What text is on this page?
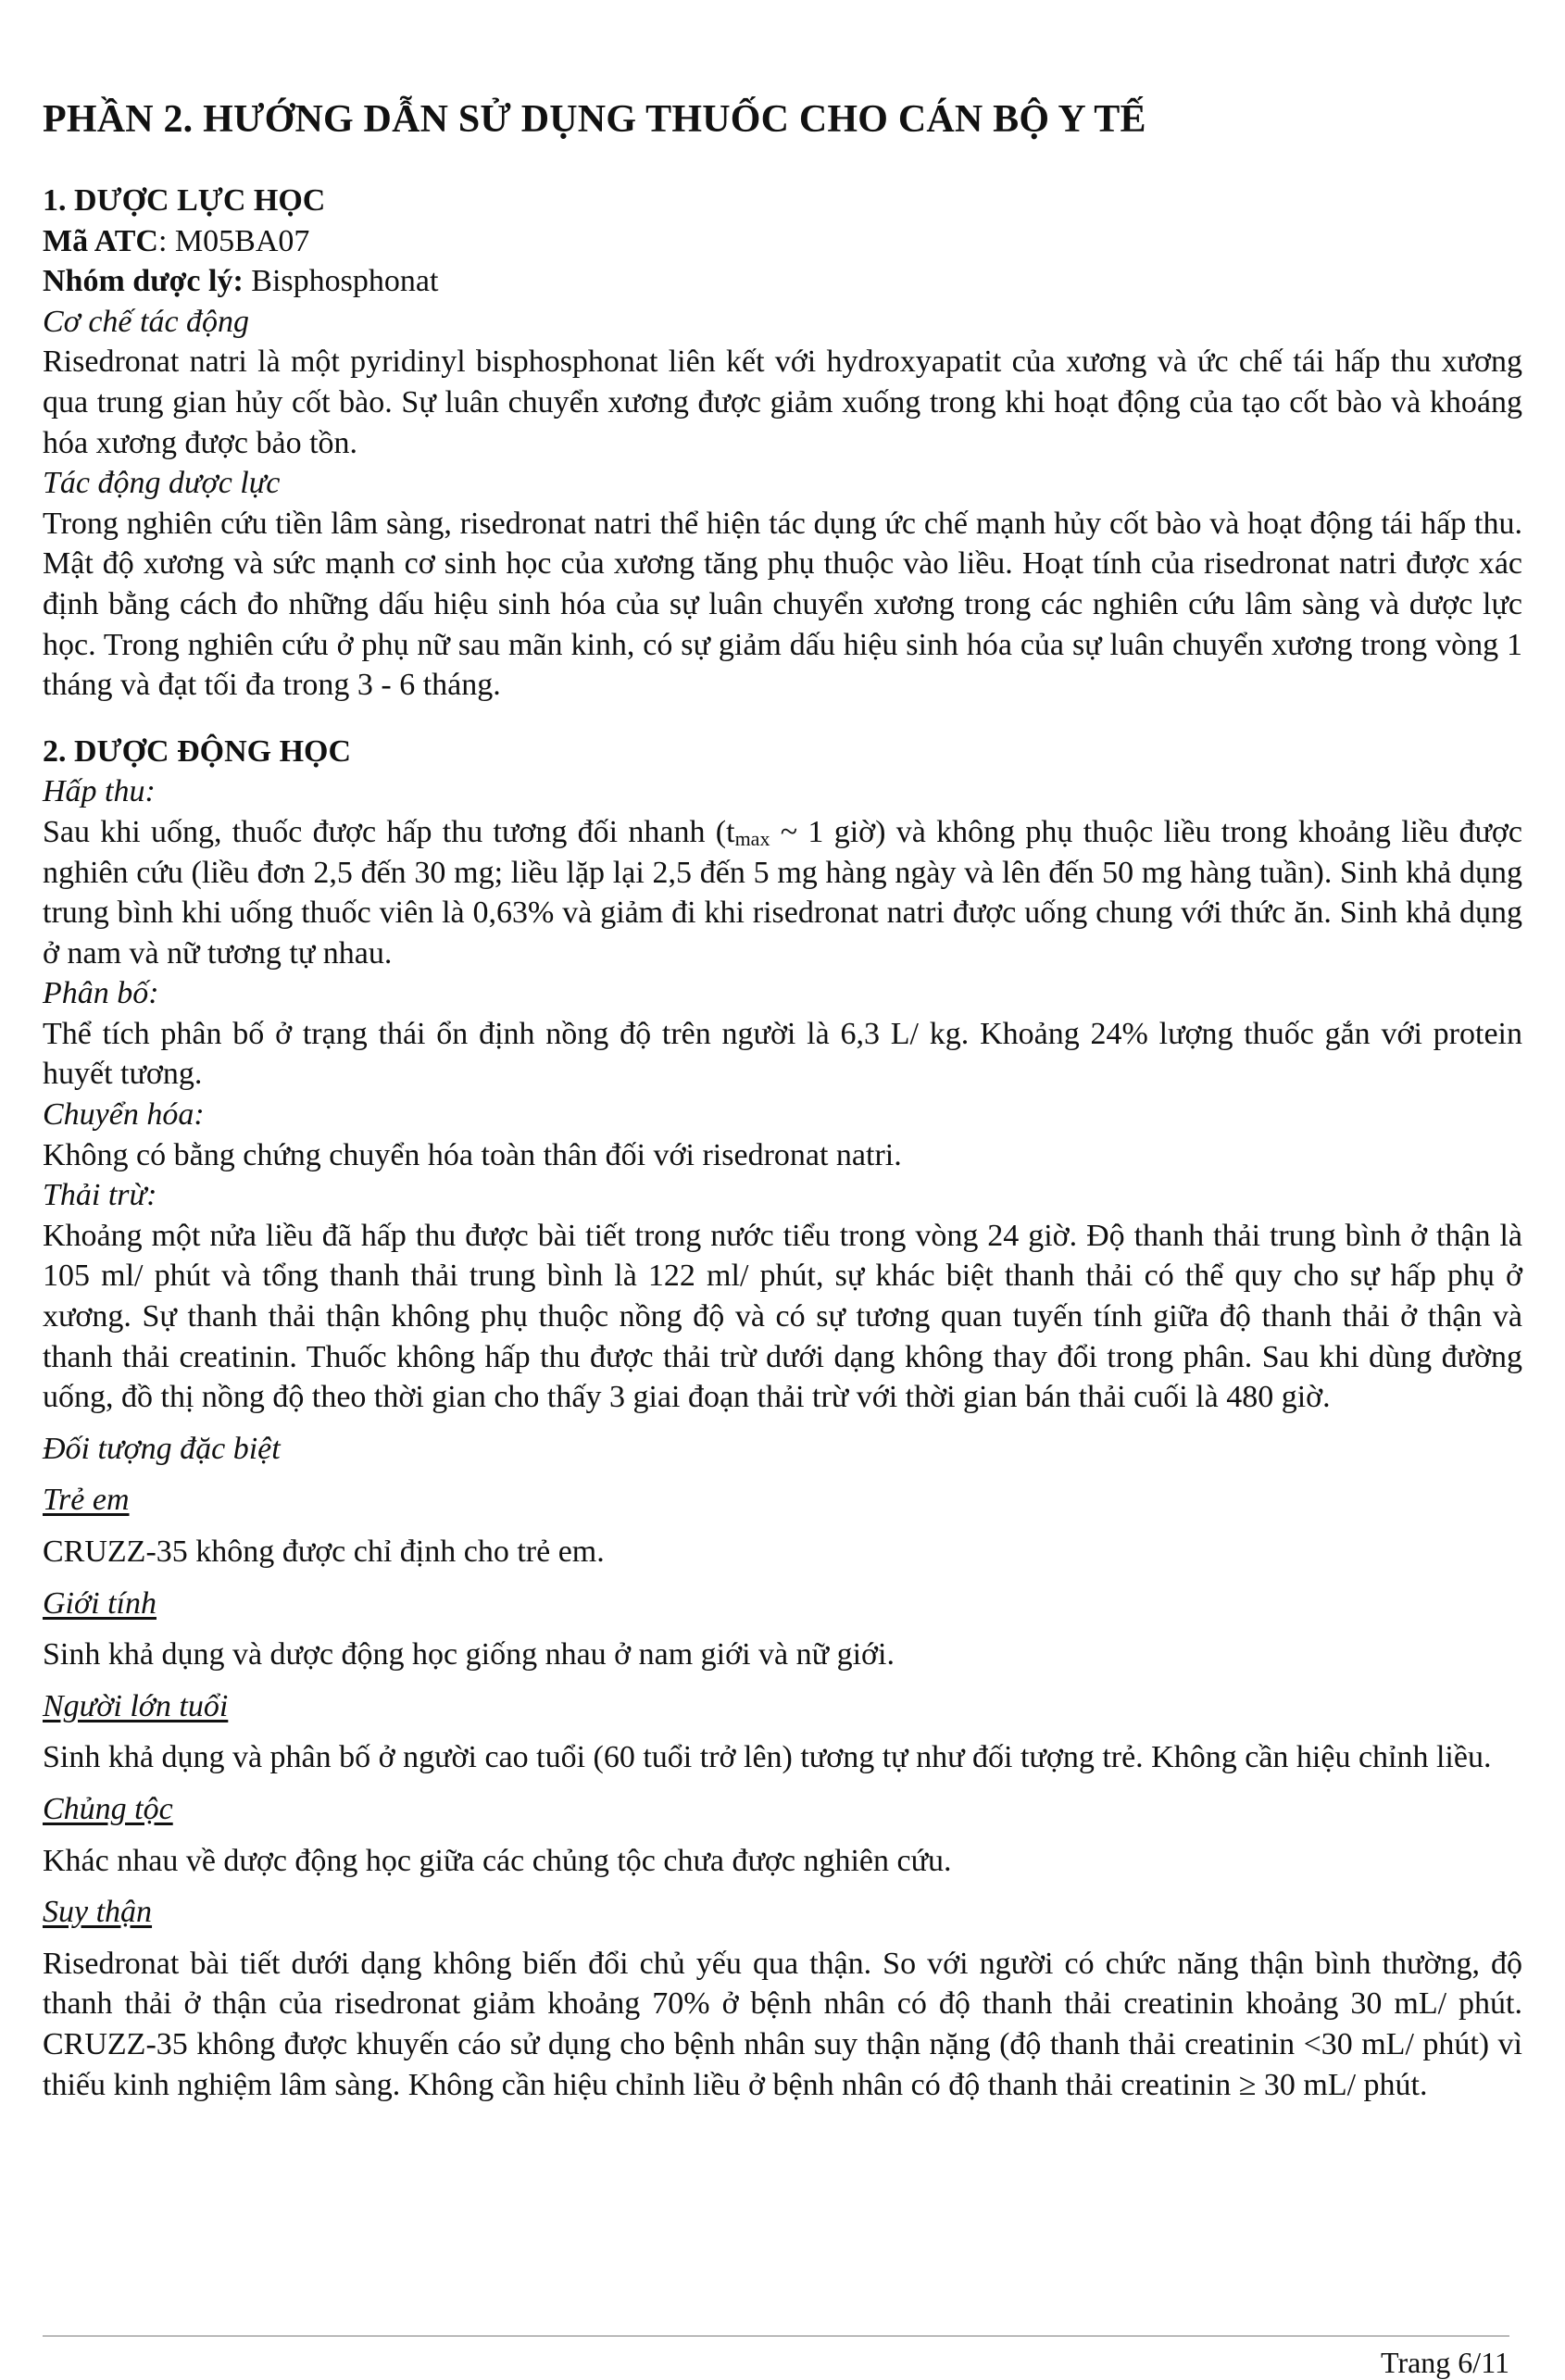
PHẦN 2. HƯỚNG DẪN SỬ DỤNG THUỐC CHO CÁN BỘ Y TẾ

1. DƯỢC LỰC HỌC

Mã ATC: M05BA07

Nhóm dược lý: Bisphosphonat

Cơ chế tác động

Risedronat natri là một pyridinyl bisphosphonat liên kết với hydroxyapatit của xương và ức chế tái hấp thu xương qua trung gian hủy cốt bào. Sự luân chuyển xương được giảm xuống trong khi hoạt động của tạo cốt bào và khoáng hóa xương được bảo tồn.

Tác động dược lực

Trong nghiên cứu tiền lâm sàng, risedronat natri thể hiện tác dụng ức chế mạnh hủy cốt bào và hoạt động tái hấp thu. Mật độ xương và sức mạnh cơ sinh học của xương tăng phụ thuộc vào liều. Hoạt tính của risedronat natri được xác định bằng cách đo những dấu hiệu sinh hóa của sự luân chuyển xương trong các nghiên cứu lâm sàng và dược lực học. Trong nghiên cứu ở phụ nữ sau mãn kinh, có sự giảm dấu hiệu sinh hóa của sự luân chuyển xương trong vòng 1 tháng và đạt tối đa trong 3 - 6 tháng.

2. DƯỢC ĐỘNG HỌC

Hấp thu:

Sau khi uống, thuốc được hấp thu tương đối nhanh ($t_{max}$ ~ 1 giờ) và không phụ thuộc liều trong khoảng liều được nghiên cứu (liều đơn 2,5 đến 30 mg; liều lặp lại 2,5 đến 5 mg hàng ngày và lên đến 50 mg hàng tuần). Sinh khả dụng trung bình khi uống thuốc viên là 0,63% và giảm đi khi risedronat natri được uống chung với thức ăn. Sinh khả dụng ở nam và nữ tương tự nhau.

Phân bố:

Thể tích phân bố ở trạng thái ổn định nồng độ trên người là 6,3 L/ kg. Khoảng 24% lượng thuốc gắn với protein huyết tương.

Chuyển hóa:

Không có bằng chứng chuyển hóa toàn thân đối với risedronat natri.

Thải trừ:

Khoảng một nửa liều đã hấp thu được bài tiết trong nước tiểu trong vòng 24 giờ. Độ thanh thải trung bình ở thận là 105 ml/ phút và tổng thanh thải trung bình là 122 ml/ phút, sự khác biệt thanh thải có thể quy cho sự hấp phụ ở xương. Sự thanh thải thận không phụ thuộc nồng độ và có sự tương quan tuyến tính giữa độ thanh thải ở thận và thanh thải creatinin. Thuốc không hấp thu được thải trừ dưới dạng không thay đổi trong phân. Sau khi dùng đường uống, đồ thị nồng độ theo thời gian cho thấy 3 giai đoạn thải trừ với thời gian bán thải cuối là 480 giờ.

Đối tượng đặc biệt

Trẻ em

CRUZZ-35 không được chỉ định cho trẻ em.

Giới tính

Sinh khả dụng và dược động học giống nhau ở nam giới và nữ giới.

Người lớn tuổi

Sinh khả dụng và phân bố ở người cao tuổi (60 tuổi trở lên) tương tự như đối tượng trẻ. Không cần hiệu chỉnh liều.

Chủng tộc

Khác nhau về dược động học giữa các chủng tộc chưa được nghiên cứu.

Suy thận

Risedronat bài tiết dưới dạng không biến đổi chủ yếu qua thận. So với người có chức năng thận bình thường, độ thanh thải ở thận của risedronat giảm khoảng 70% ở bệnh nhân có độ thanh thải creatinin khoảng 30 mL/ phút. CRUZZ-35 không được khuyến cáo sử dụng cho bệnh nhân suy thận nặng (độ thanh thải creatinin <30 mL/ phút) vì thiếu kinh nghiệm lâm sàng. Không cần hiệu chỉnh liều ở bệnh nhân có độ thanh thải creatinin ≥ 30 mL/ phút.

Trang 6/11
